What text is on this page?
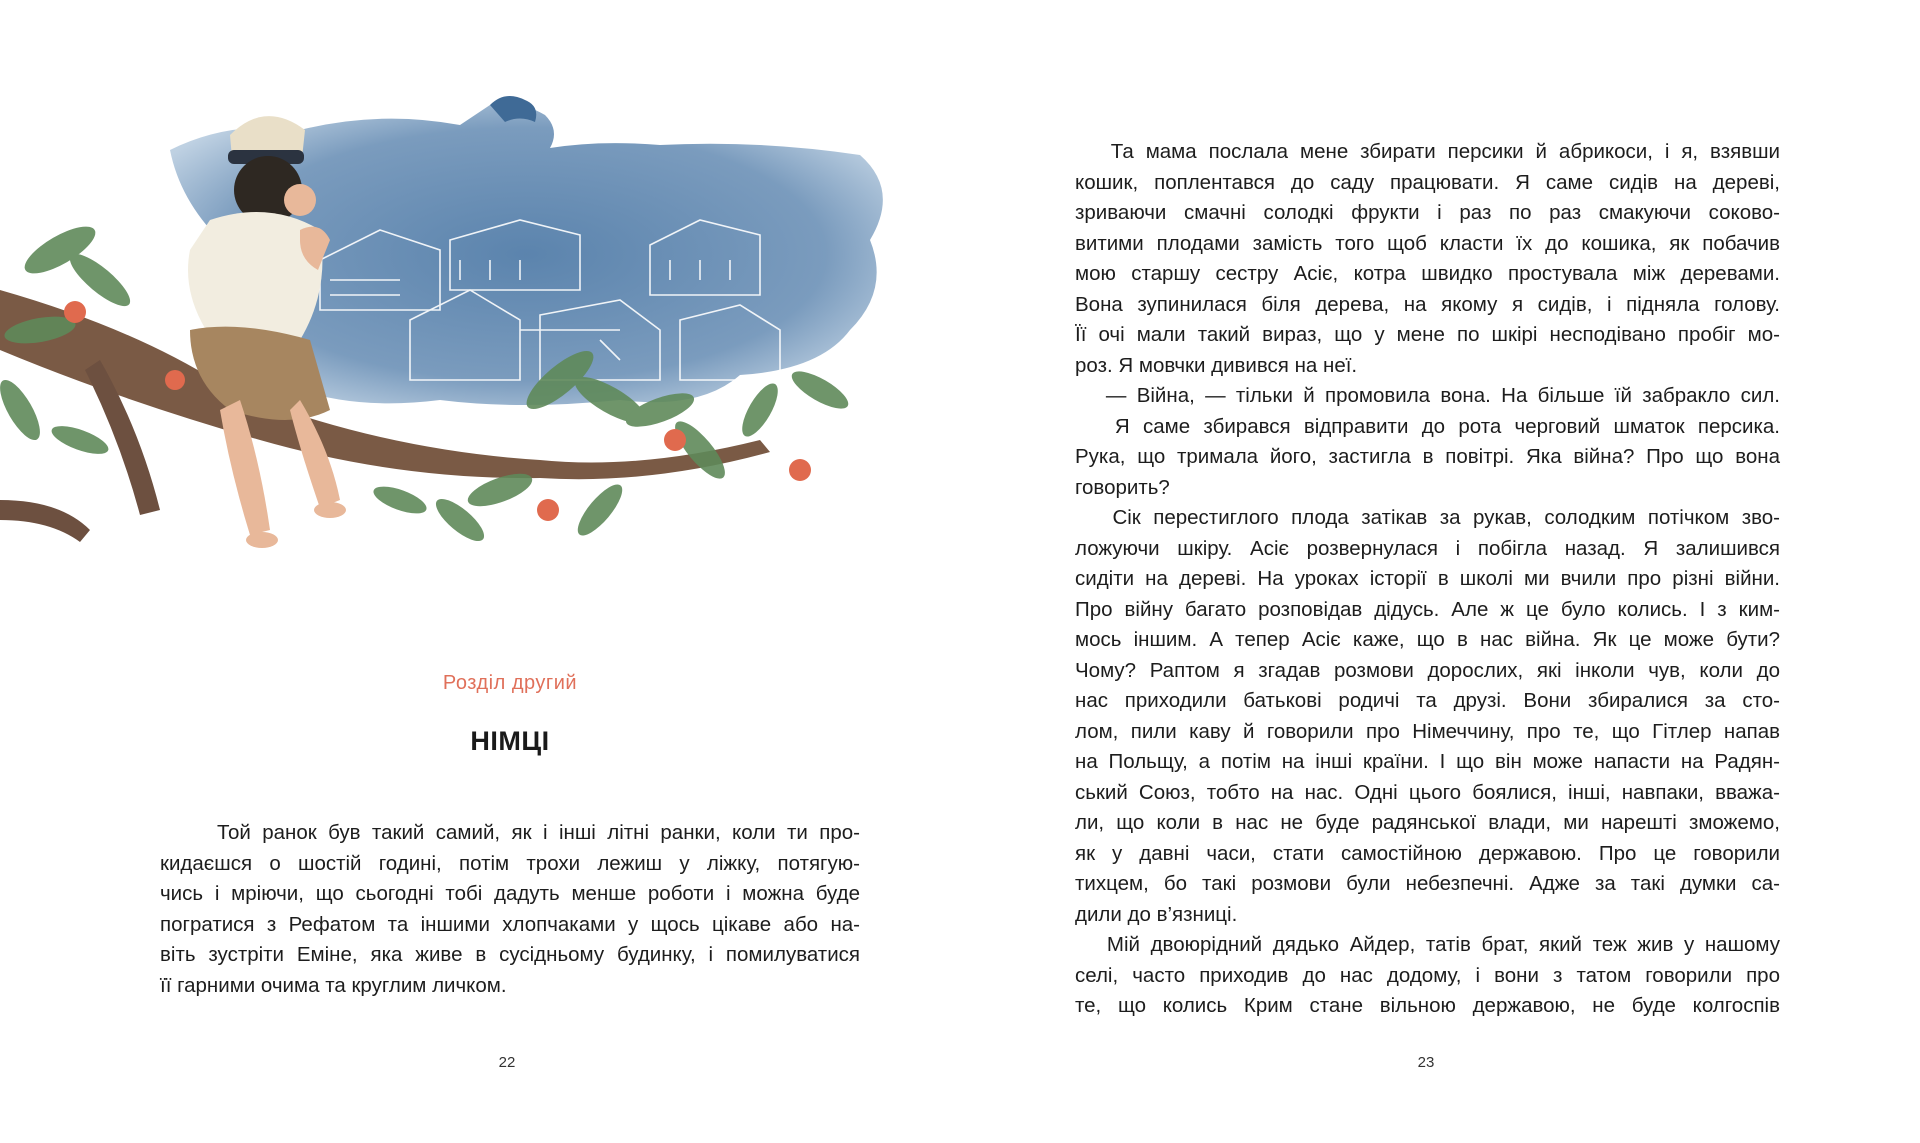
Розділ другий
НІМЦІ

Той ранок був такий самий, як і інші літні ранки, коли ти про-

кидаєшся о шостій годині, потім трохи лежиш у ліжку, потягую-

чись і мріючи, що сьогодні тобі дадуть менше роботи і можна буде

погратися з Рефатом та іншими хлопчаками у щось цікаве або на-

віть зустріти Еміне, яка живе в сусідньому будинку, і помилуватися

її гарними очима та круглим личком.

22

Та мама послала мене збирати персики й абрикоси, і я, взявши

кошик, поплентався до саду працювати. Я саме сидів на дереві,

зриваючи смачні солодкі фрукти і раз по раз смакуючи соково-

витими плодами замість того щоб класти їх до кошика, як побачив

мою старшу сестру Асіє, котра швидко простувала між деревами.

Вона зупинилася біля дерева, на якому я сидів, і підняла голову.

Її очі мали такий вираз, що у мене по шкірі несподівано пробіг мо-

роз. Я мовчки дивився на неї.

— Війна, — тільки й промовила вона. На більше їй забракло сил.

Я саме збирався відправити до рота черговий шматок персика.

Рука, що тримала його, застигла в повітрі. Яка війна? Про що вона

говорить?

Сік перестиглого плода затікав за рукав, солодким потічком зво-

ложуючи шкіру. Асіє розвернулася і побігла назад. Я залишився

сидіти на дереві. На уроках історії в школі ми вчили про різні війни.

Про війну багато розповідав дідусь. Але ж це було колись. І з ким-

мось іншим. А тепер Асіє каже, що в нас війна. Як це може бути?

Чому? Раптом я згадав розмови дорослих, які інколи чув, коли до

нас приходили батькові родичі та друзі. Вони збиралися за сто-

лом, пили каву й говорили про Німеччину, про те, що Гітлер напав

на Польщу, а потім на інші країни. І що він може напасти на Радян-

ський Союз, тобто на нас. Одні цього боялися, інші, навпаки, вважа-

ли, що коли в нас не буде радянської влади, ми нарешті зможемо,

як у давні часи, стати самостійною державою. Про це говорили

тихцем, бо такі розмови були небезпечні. Адже за такі думки са-

дили до в’язниці.

Мій двоюрідний дядько Айдер, татів брат, який теж жив у нашому

селі, часто приходив до нас додому, і вони з татом говорили про

те, що колись Крим стане вільною державою, не буде колгоспів

23
